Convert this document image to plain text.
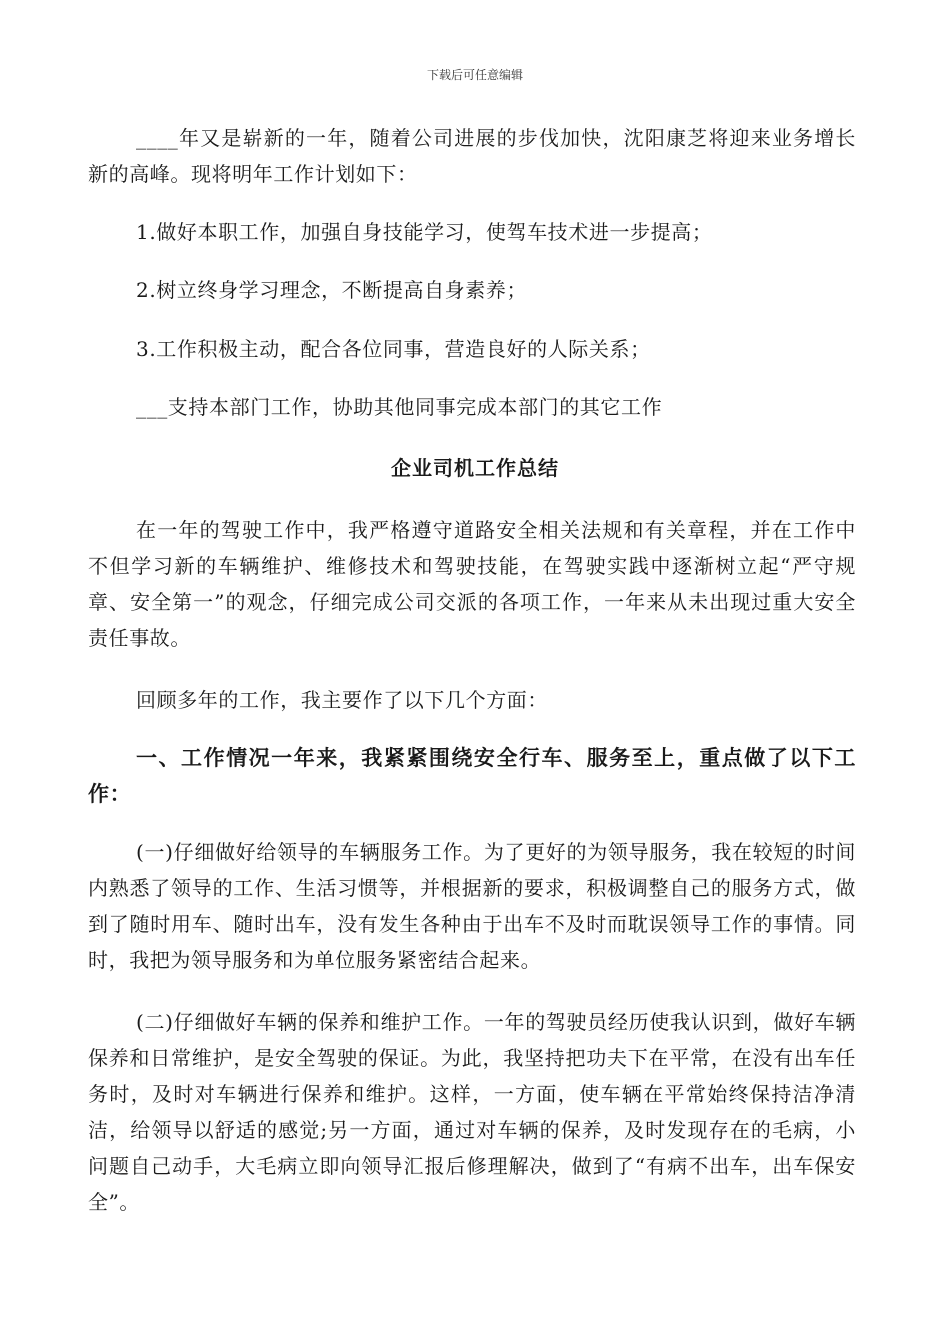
下载后可任意编辑

____年又是崭新的一年，随着公司进展的步伐加快，沈阳康芝将迎来业务增长新的高峰。现将明年工作计划如下：

1.做好本职工作，加强自身技能学习，使驾车技术进一步提高；

2.树立终身学习理念，不断提高自身素养；

3.工作积极主动，配合各位同事，营造良好的人际关系；

___支持本部门工作，协助其他同事完成本部门的其它工作

企业司机工作总结

在一年的驾驶工作中，我严格遵守道路安全相关法规和有关章程，并在工作中不但学习新的车辆维护、维修技术和驾驶技能，在驾驶实践中逐渐树立起“严守规章、安全第一”的观念，仔细完成公司交派的各项工作，一年来从未出现过重大安全责任事故。

回顾多年的工作，我主要作了以下几个方面：

一、工作情况一年来，我紧紧围绕安全行车、服务至上，重点做了以下工作：

(一)仔细做好给领导的车辆服务工作。为了更好的为领导服务，我在较短的时间内熟悉了领导的工作、生活习惯等，并根据新的要求，积极调整自己的服务方式，做到了随时用车、随时出车，没有发生各种由于出车不及时而耽误领导工作的事情。同时，我把为领导服务和为单位服务紧密结合起来。

(二)仔细做好车辆的保养和维护工作。一年的驾驶员经历使我认识到，做好车辆保养和日常维护，是安全驾驶的保证。为此，我坚持把功夫下在平常，在没有出车任务时，及时对车辆进行保养和维护。这样，一方面，使车辆在平常始终保持洁净清洁，给领导以舒适的感觉;另一方面，通过对车辆的保养，及时发现存在的毛病，小问题自己动手，大毛病立即向领导汇报后修理解决，做到了“有病不出车，出车保安全”。
